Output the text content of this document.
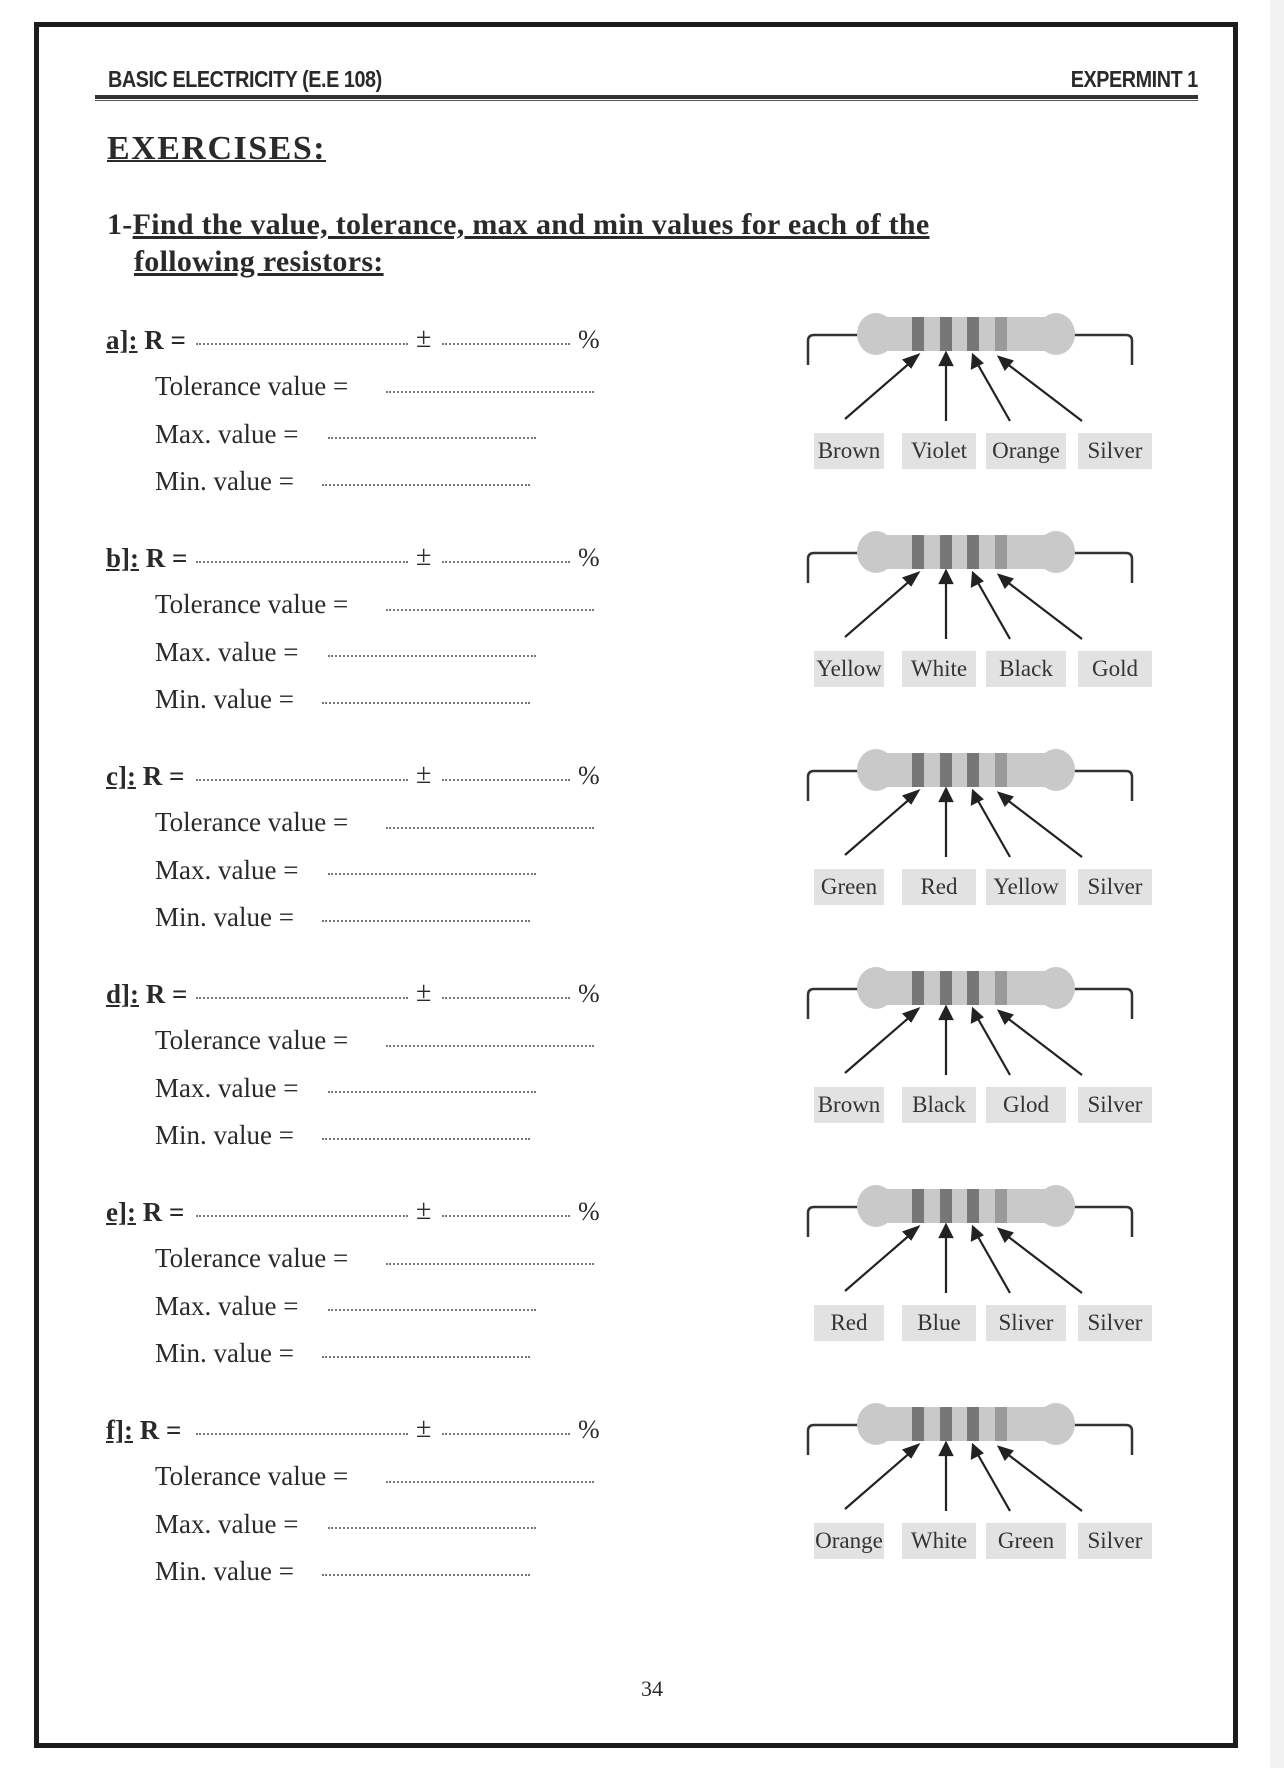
BASIC ELECTRICITY (E.E 108)	EXPERMINT 1
EXERCISES:
1-Find the value, tolerance, max and min values for each of the
following resistors:
a]: R =	±	%
Tolerance value =
Max. value =
Min. value =
Brown	Violet	Orange	Silver
b]: R =	±	%
Tolerance value =
Max. value =
Min. value =
Yellow	White	Black	Gold
c]: R =	±	%
Tolerance value =
Max. value =
Min. value =
Green	Red	Yellow	Silver
d]: R =	±	%
Tolerance value =
Max. value =
Min. value =
Brown	Black	Glod	Silver
e]: R =	±	%
Tolerance value =
Max. value =
Min. value =
Red	Blue	Sliver	Silver
f]: R =	±	%
Tolerance value =
Max. value =
Min. value =
Orange	White	Green	Silver
34
